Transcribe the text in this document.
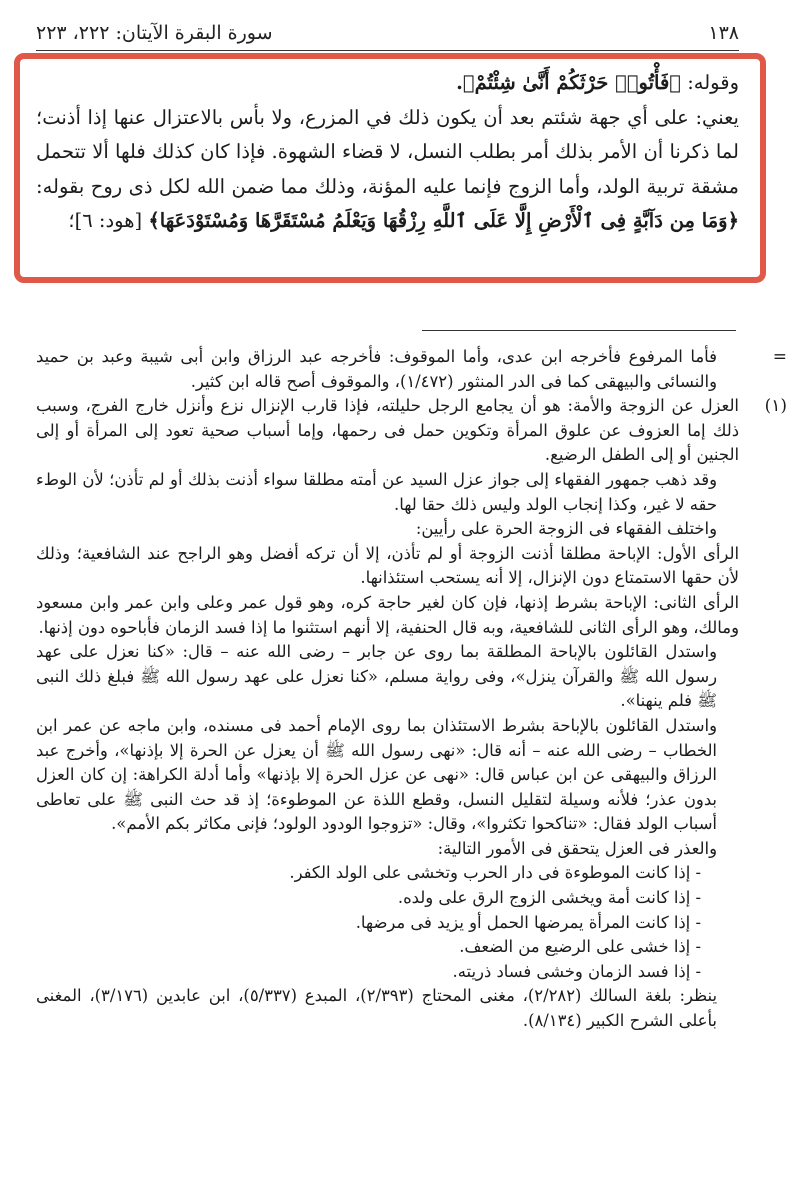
١٣٨
سورة البقرة الآيتان: ٢٢٢، ٢٢٣

وقوله: ﴿فَأْتُوا۟ حَرْثَكُمْ أَنَّىٰ شِئْتُمْ﴾.

يعني: على أي جهة شئتم بعد أن يكون ذلك في المزرع، ولا بأس بالاعتزال عنها إذا أذنت؛ لما ذكرنا أن الأمر بذلك أمر بطلب النسل، لا قضاء الشهوة. فإذا كان كذلك فلها ألا تتحمل مشقة تربية الولد، وأما الزوج فإنما عليه المؤنة، وذلك مما ضمن الله لكل ذى روح بقوله: ﴿وَمَا مِن دَآبَّةٍ فِى ٱلْأَرْضِ إِلَّا عَلَى ٱللَّهِ رِزْقُهَا وَيَعْلَمُ مُسْتَقَرَّهَا وَمُسْتَوْدَعَهَا﴾ [هود: ٦]؛

=
فأما المرفوع فأخرجه ابن عدى، وأما الموقوف: فأخرجه عبد الرزاق وابن أبى شيبة وعبد بن حميد والنسائى والبيهقى كما فى الدر المنثور (١/٤٧٢)، والموقوف أصح قاله ابن كثير.

(١)
العزل عن الزوجة والأمة: هو أن يجامع الرجل حليلته، فإذا قارب الإنزال نزع وأنزل خارج الفرج، وسبب ذلك إما العزوف عن علوق المرأة وتكوين حمل فى رحمها، وإما أسباب صحية تعود إلى المرأة أو إلى الجنين أو إلى الطفل الرضيع.

وقد ذهب جمهور الفقهاء إلى جواز عزل السيد عن أمته مطلقا سواء أذنت بذلك أو لم تأذن؛ لأن الوطء حقه لا غير، وكذا إنجاب الولد وليس ذلك حقا لها.

واختلف الفقهاء فى الزوجة الحرة على رأيين:

الرأى الأول: الإباحة مطلقا أذنت الزوجة أو لم تأذن، إلا أن تركه أفضل وهو الراجح عند الشافعية؛ وذلك لأن حقها الاستمتاع دون الإنزال، إلا أنه يستحب استئذانها.

الرأى الثانى: الإباحة بشرط إذنها، فإن كان لغير حاجة كره، وهو قول عمر وعلى وابن عمر وابن مسعود ومالك، وهو الرأى الثانى للشافعية، وبه قال الحنفية، إلا أنهم استثنوا ما إذا فسد الزمان فأباحوه دون إذنها.

واستدل القائلون بالإباحة المطلقة بما روى عن جابر – رضى الله عنه – قال: «كنا نعزل على عهد رسول الله ﷺ والقرآن ينزل»، وفى رواية مسلم، «كنا نعزل على عهد رسول الله ﷺ فبلغ ذلك النبى ﷺ فلم ينهنا».

واستدل القائلون بالإباحة بشرط الاستئذان بما روى الإمام أحمد فى مسنده، وابن ماجه عن عمر ابن الخطاب – رضى الله عنه – أنه قال: «نهى رسول الله ﷺ أن يعزل عن الحرة إلا بإذنها»، وأخرج عبد الرزاق والبيهقى عن ابن عباس قال: «نهى عن عزل الحرة إلا بإذنها» وأما أدلة الكراهة: إن كان العزل بدون عذر؛ فلأنه وسيلة لتقليل النسل، وقطع اللذة عن الموطوءة؛ إذ قد حث النبى ﷺ على تعاطى أسباب الولد فقال: «تناكحوا تكثروا»، وقال: «تزوجوا الودود الولود؛ فإنى مكاثر بكم الأمم».

والعذر فى العزل يتحقق فى الأمور التالية:

- إذا كانت الموطوءة فى دار الحرب وتخشى على الولد الكفر.
- إذا كانت أمة ويخشى الزوج الرق على ولده.
- إذا كانت المرأة يمرضها الحمل أو يزيد فى مرضها.
- إذا خشى على الرضيع من الضعف.
- إذا فسد الزمان وخشى فساد ذريته.

ينظر: بلغة السالك (٢/٢٨٢)، مغنى المحتاج (٢/٣٩٣)، المبدع (٥/٣٣٧)، ابن عابدين (٣/١٧٦)، المغنى بأعلى الشرح الكبير (٨/١٣٤).
